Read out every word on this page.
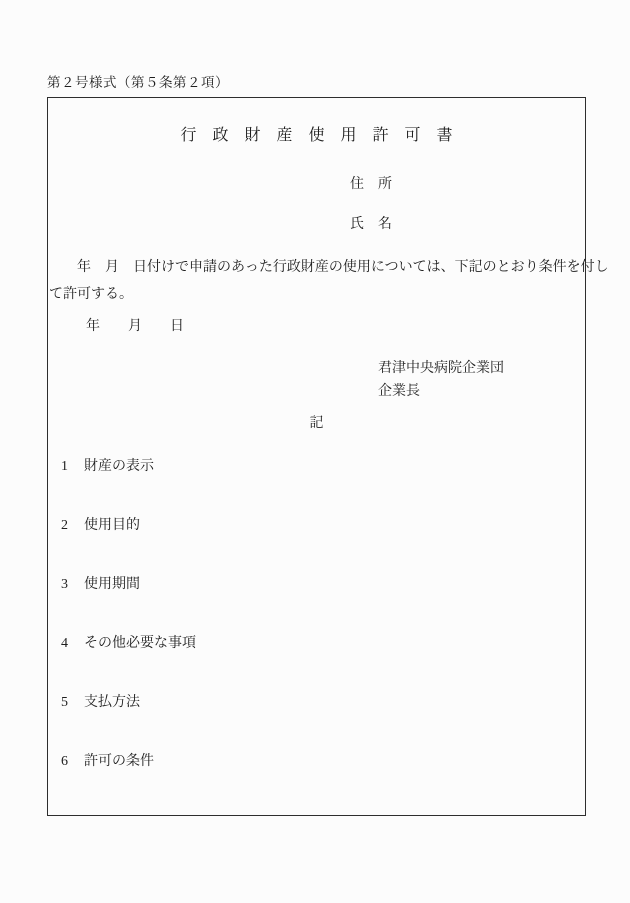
第２号様式（第５条第２項）
行政財産使用許可書
住　所
氏　名
　　年　月　日付けで申請のあった行政財産の使用については、下記のとおり条件を付し
て許可する。
年　　月　　日
君津中央病院企業団
企業長
記
1	財産の表示
2	使用目的
3	使用期間
4	その他必要な事項
5	支払方法
6	許可の条件
